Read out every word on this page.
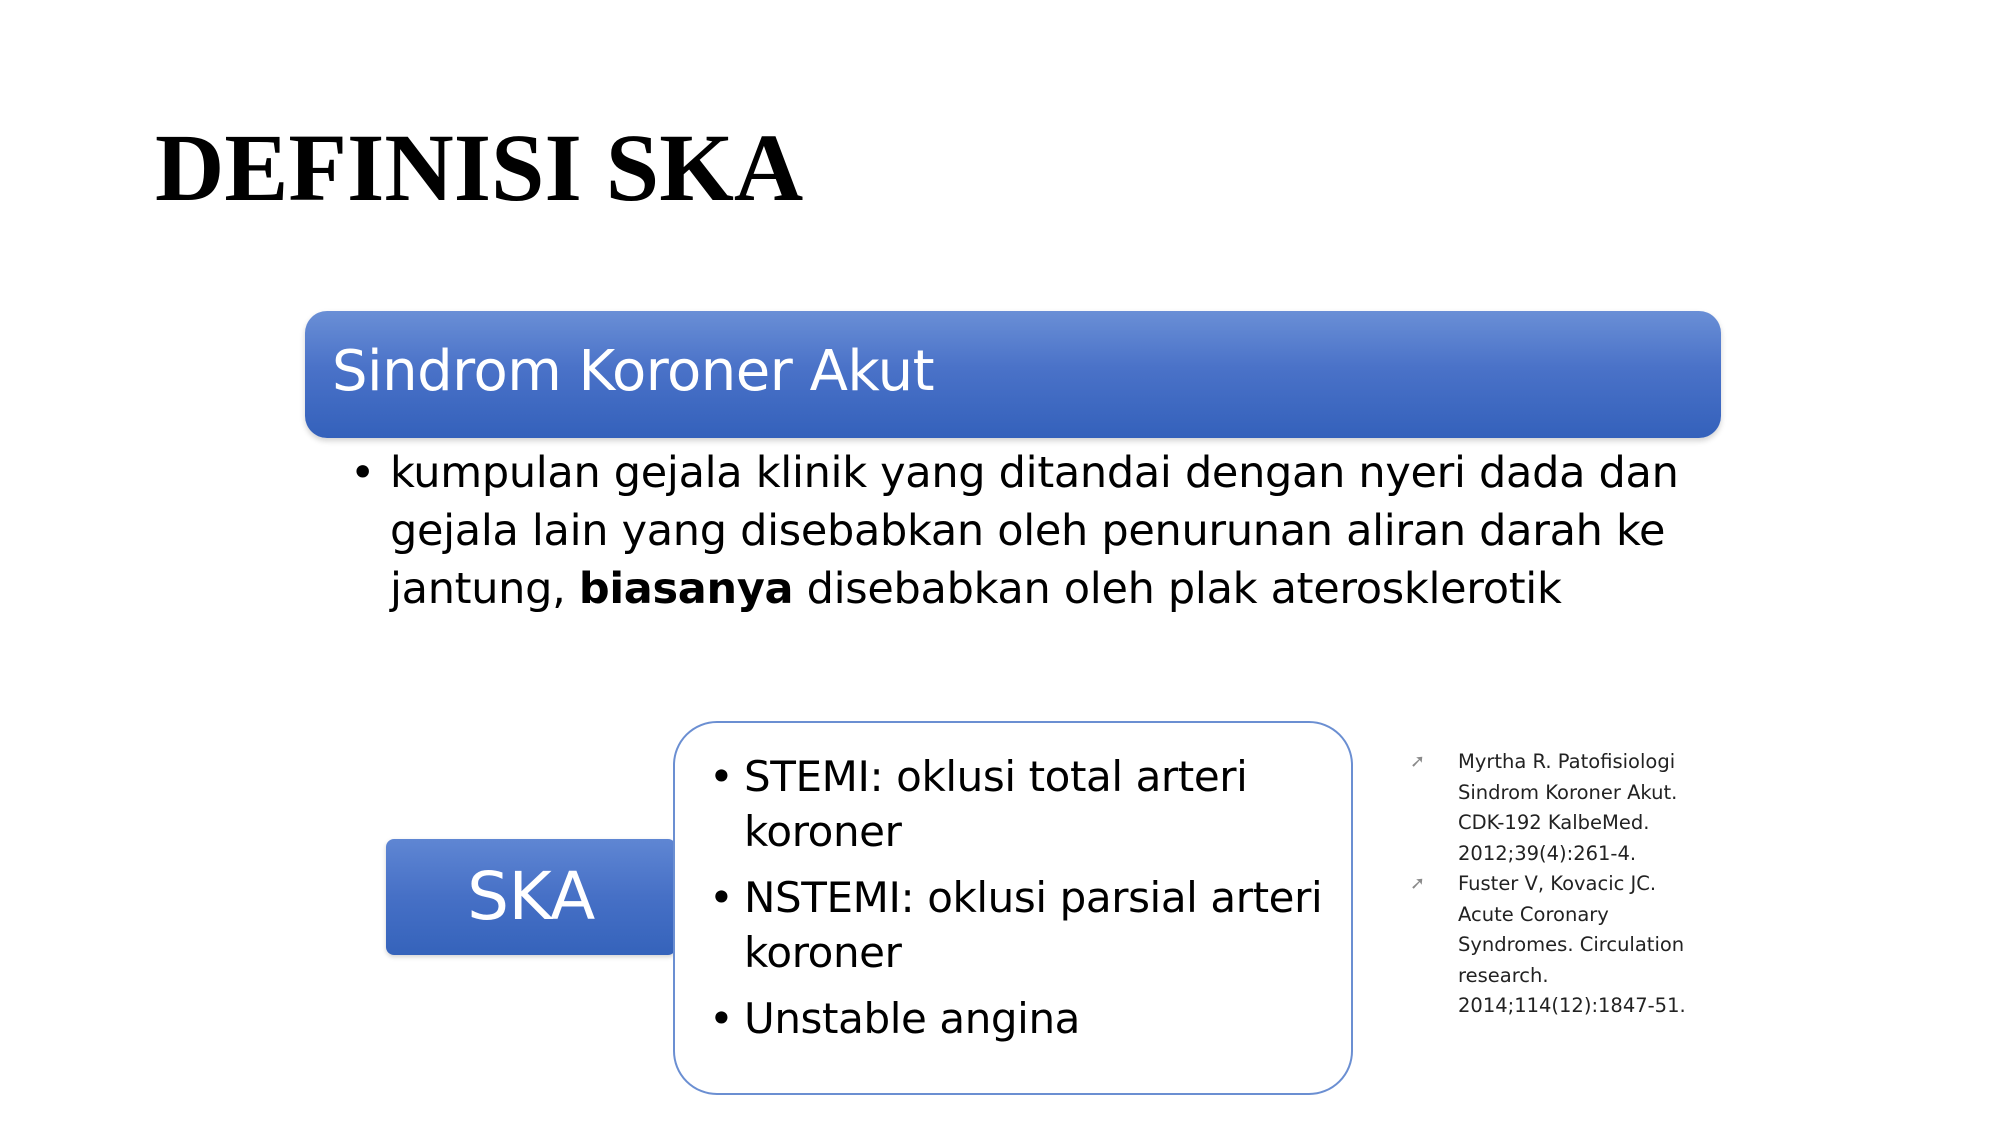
DEFINISI SKA
Sindrom Koroner Akut
• kumpulan gejala klinik yang ditandai dengan nyeri dada dan gejala lain yang disebabkan oleh penurunan aliran darah ke jantung, biasanya disebabkan oleh plak aterosklerotik
SKA
• STEMI: oklusi total arteri koroner
• NSTEMI: oklusi parsial arteri koroner
• Unstable angina
➚	Myrtha R. Patofisiologi Sindrom Koroner Akut. CDK-192 KalbeMed. 2012;39(4):261-4.
➚	Fuster V, Kovacic JC. Acute Coronary Syndromes. Circulation research. 2014;114(12):1847-51.
